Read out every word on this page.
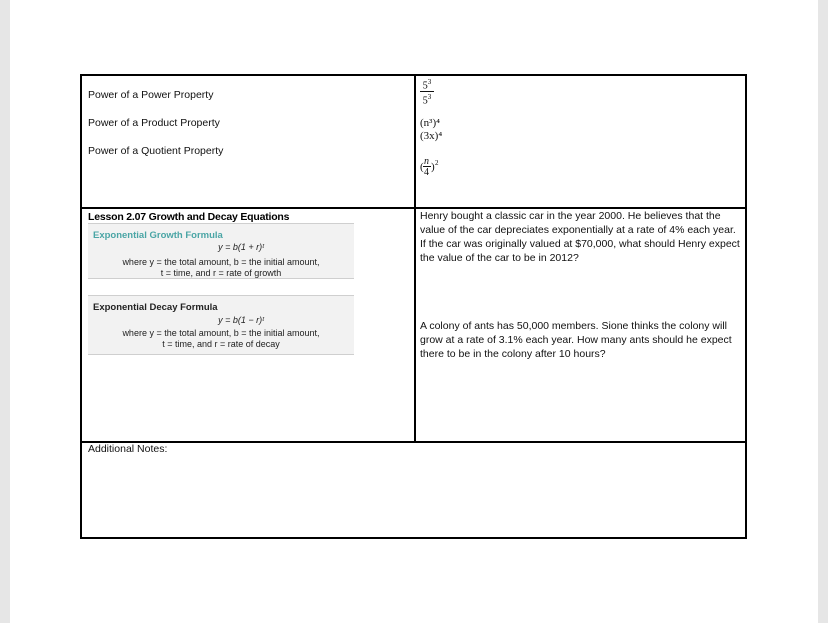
Power of a Power Property
Power of a Product Property
Power of a Quotient Property
$\frac{5^3}{5^3}$
(n³)⁴
(3x)⁴
n
( 4 ) 2
Lesson 2.07 Growth and Decay Equations
Exponential Growth Formula
y = b(1 + r)ᵗ
where y = the total amount, b = the initial amount,
t = time, and r = rate of growth
Exponential Decay Formula
y = b(1 − r)ᵗ
where y = the total amount, b = the initial amount,
t = time, and r = rate of decay
Henry bought a classic car in the year 2000. He believes that the value of the car depreciates exponentially at a rate of 4% each year. If the car was originally valued at $70,000, what should Henry expect the value of the car to be in 2012?
A colony of ants has 50,000 members. Sione thinks the colony will grow at a rate of 3.1% each year. How many ants should he expect there to be in the colony after 10 hours?
Additional Notes:
